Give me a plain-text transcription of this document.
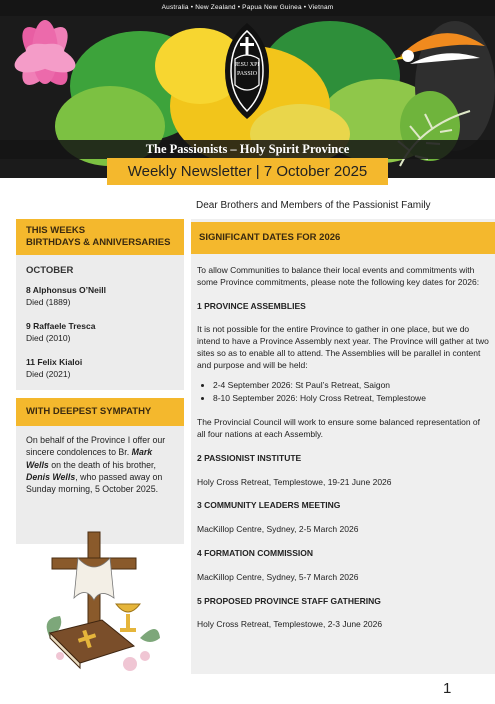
Australia • New Zealand • Papua New Guinea • Vietnam
JESU XPI
PASSIO
The Passionists – Holy Spirit Province
Weekly Newsletter | 7 October 2025
Dear Brothers and Members of the Passionist Family
THIS WEEKS
BIRTHDAYS & ANNIVERSARIES
OCTOBER
8 Alphonsus O’Neill
Died (1889)
9 Raffaele Tresca
Died (2010)
11 Felix Kialoi
Died (2021)
WITH DEEPEST SYMPATHY
On behalf of the Province I offer our sincere condolences to Br. Mark Wells on the death of his brother, Denis Wells, who passed away on Sunday morning, 5 October 2025.
SIGNIFICANT DATES FOR 2026

To allow Communities to balance their local events and commitments with some Province commitments, please note the following key dates for 2026:

1 PROVINCE ASSEMBLIES

It is not possible for the entire Province to gather in one place, but we do intend to have a Province Assembly next year. The Province will gather at two sites so as to enable all to attend. The Assemblies will be parallel in content and purpose and will be held:

• 2-4 September 2026: St Paul’s Retreat, Saigon
• 8-10 September 2026: Holy Cross Retreat, Templestowe

The Provincial Council will work to ensure some balanced representation of all four nations at each Assembly.

2 PASSIONIST INSTITUTE

Holy Cross Retreat, Templestowe, 19-21 June 2026

3 COMMUNITY LEADERS MEETING

MacKillop Centre, Sydney, 2-5 March 2026

4 FORMATION COMMISSION

MacKillop Centre, Sydney, 5-7 March 2026

5 PROPOSED PROVINCE STAFF GATHERING

Holy Cross Retreat, Templestowe, 2-3 June 2026

1
